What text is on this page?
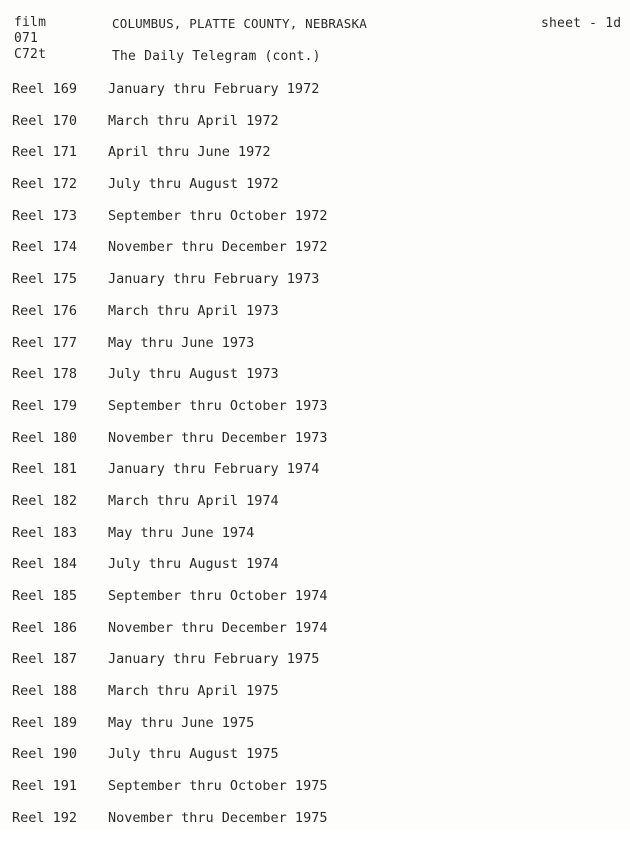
film
071
C72t
COLUMBUS, PLATTE COUNTY, NEBRASKA	sheet - 1d
The Daily Telegram (cont.)
Reel 169 January thru February 1972
Reel 170 March thru April 1972
Reel 171 April thru June 1972
Reel 172 July thru August 1972
Reel 173 September thru October 1972
Reel 174 November thru December 1972
Reel 175 January thru February 1973
Reel 176 March thru April 1973
Reel 177 May thru June 1973
Reel 178 July thru August 1973
Reel 179 September thru October 1973
Reel 180 November thru December 1973
Reel 181 January thru February 1974
Reel 182 March thru April 1974
Reel 183 May thru June 1974
Reel 184 July thru August 1974
Reel 185 September thru October 1974
Reel 186 November thru December 1974
Reel 187 January thru February 1975
Reel 188 March thru April 1975
Reel 189 May thru June 1975
Reel 190 July thru August 1975
Reel 191 September thru October 1975
Reel 192 November thru December 1975
